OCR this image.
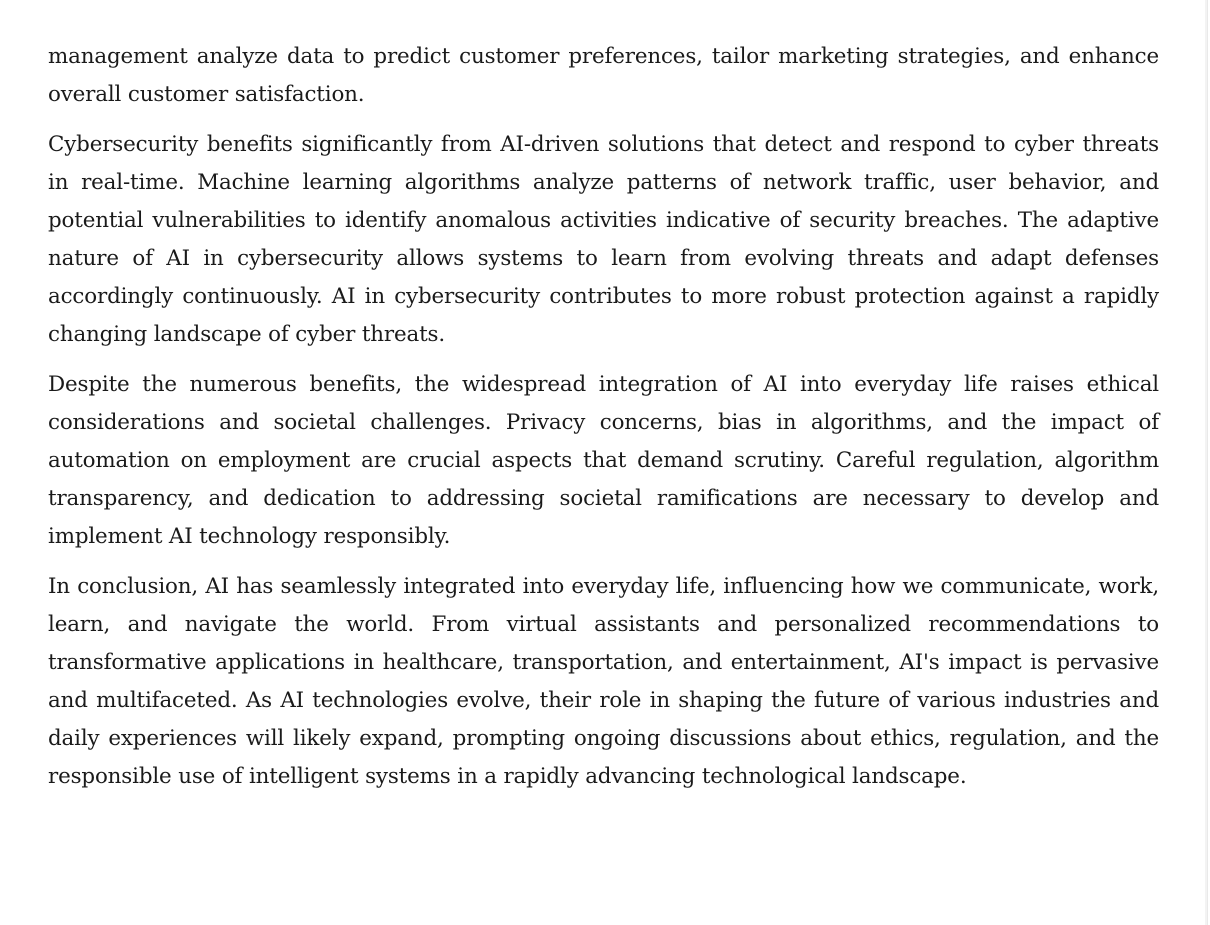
management analyze data to predict customer preferences, tailor marketing strategies, and enhance overall customer satisfaction.

Cybersecurity benefits significantly from AI-driven solutions that detect and respond to cyber threats in real-time. Machine learning algorithms analyze patterns of network traffic, user behavior, and potential vulnerabilities to identify anomalous activities indicative of security breaches. The adaptive nature of AI in cybersecurity allows systems to learn from evolving threats and adapt defenses accordingly continuously. AI in cybersecurity contributes to more robust protection against a rapidly changing landscape of cyber threats.

Despite the numerous benefits, the widespread integration of AI into everyday life raises ethical considerations and societal challenges. Privacy concerns, bias in algorithms, and the impact of automation on employment are crucial aspects that demand scrutiny. Careful regulation, algorithm transparency, and dedication to addressing societal ramifications are necessary to develop and implement AI technology responsibly.

In conclusion, AI has seamlessly integrated into everyday life, influencing how we communicate, work, learn, and navigate the world. From virtual assistants and personalized recommendations to transformative applications in healthcare, transportation, and entertainment, AI's impact is pervasive and multifaceted. As AI technologies evolve, their role in shaping the future of various industries and daily experiences will likely expand, prompting ongoing discussions about ethics, regulation, and the responsible use of intelligent systems in a rapidly advancing technological landscape.
